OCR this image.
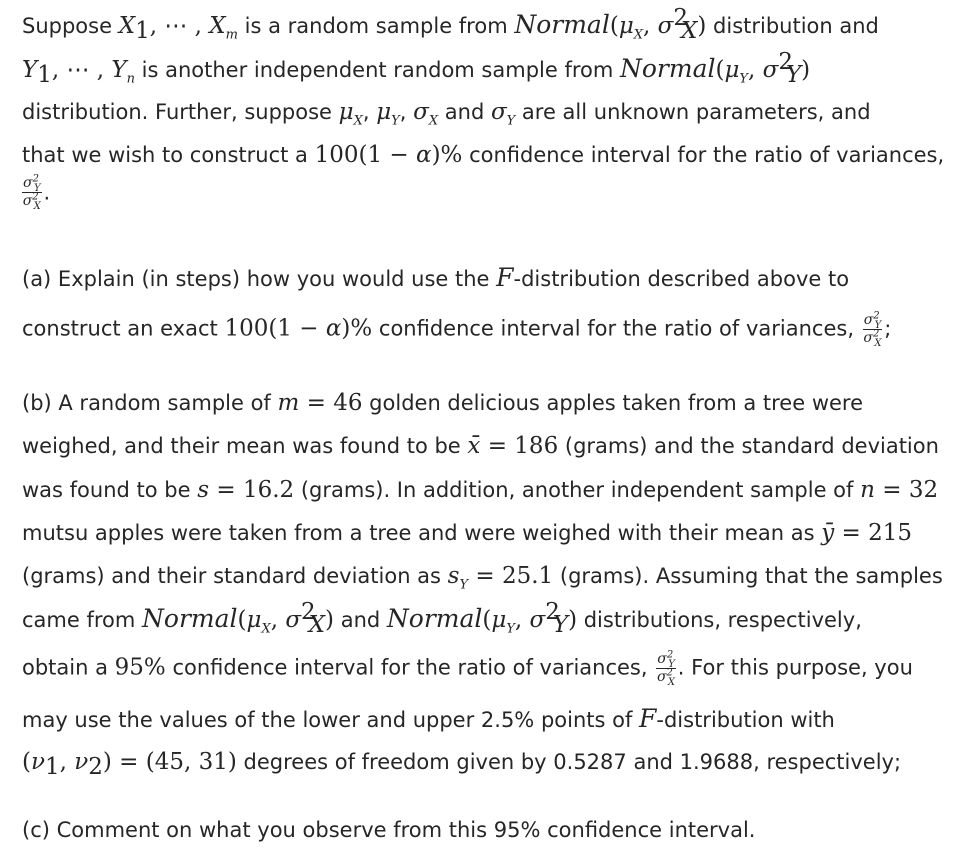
Suppose $X_1$, ⋯ , $X_m$ is a random sample from $Normal(\mu_X$, $\sigma^2_X$) distribution and
$Y_1$, ⋯ , $Y_n$ is another independent random sample from $Normal(\mu_Y$, $\sigma^2_Y$)
distribution. Further, suppose $\mu_X$, $\mu_Y$, $\sigma_X$ and $\sigma_Y$ are all unknown parameters, and
that we wish to construct a 100(1 − α)% confidence interval for the ratio of variances,
$\frac{\sigma^2_Y}{\sigma^2_X}$ .
(a) Explain (in steps) how you would use the F-distribution described above to
construct an exact 100(1 − α)% confidence interval for the ratio of variances, $\frac{\sigma^2_Y}{\sigma^2_X}$ ;
(b) A random sample of m = 46 golden delicious apples taken from a tree were
weighed, and their mean was found to be x̄ = 186 (grams) and the standard deviation
was found to be s = 16.2 (grams). In addition, another independent sample of n = 32
mutsu apples were taken from a tree and were weighed with their mean as ȳ = 215
(grams) and their standard deviation as $s_Y = 25.1$ (grams). Assuming that the samples
came from $Normal(\mu_X$, $\sigma^2_X$) and $Normal(\mu_Y$, $\sigma^2_Y$) distributions, respectively,
obtain a 95% confidence interval for the ratio of variances, $\frac{\sigma^2_Y}{\sigma^2_X}$ . For this purpose, you
may use the values of the lower and upper 2.5% points of F-distribution with
($\nu_1$, $\nu_2) = (45$, 31) degrees of freedom given by 0.5287 and 1.9688, respectively;
(c) Comment on what you observe from this 95% confidence interval.
